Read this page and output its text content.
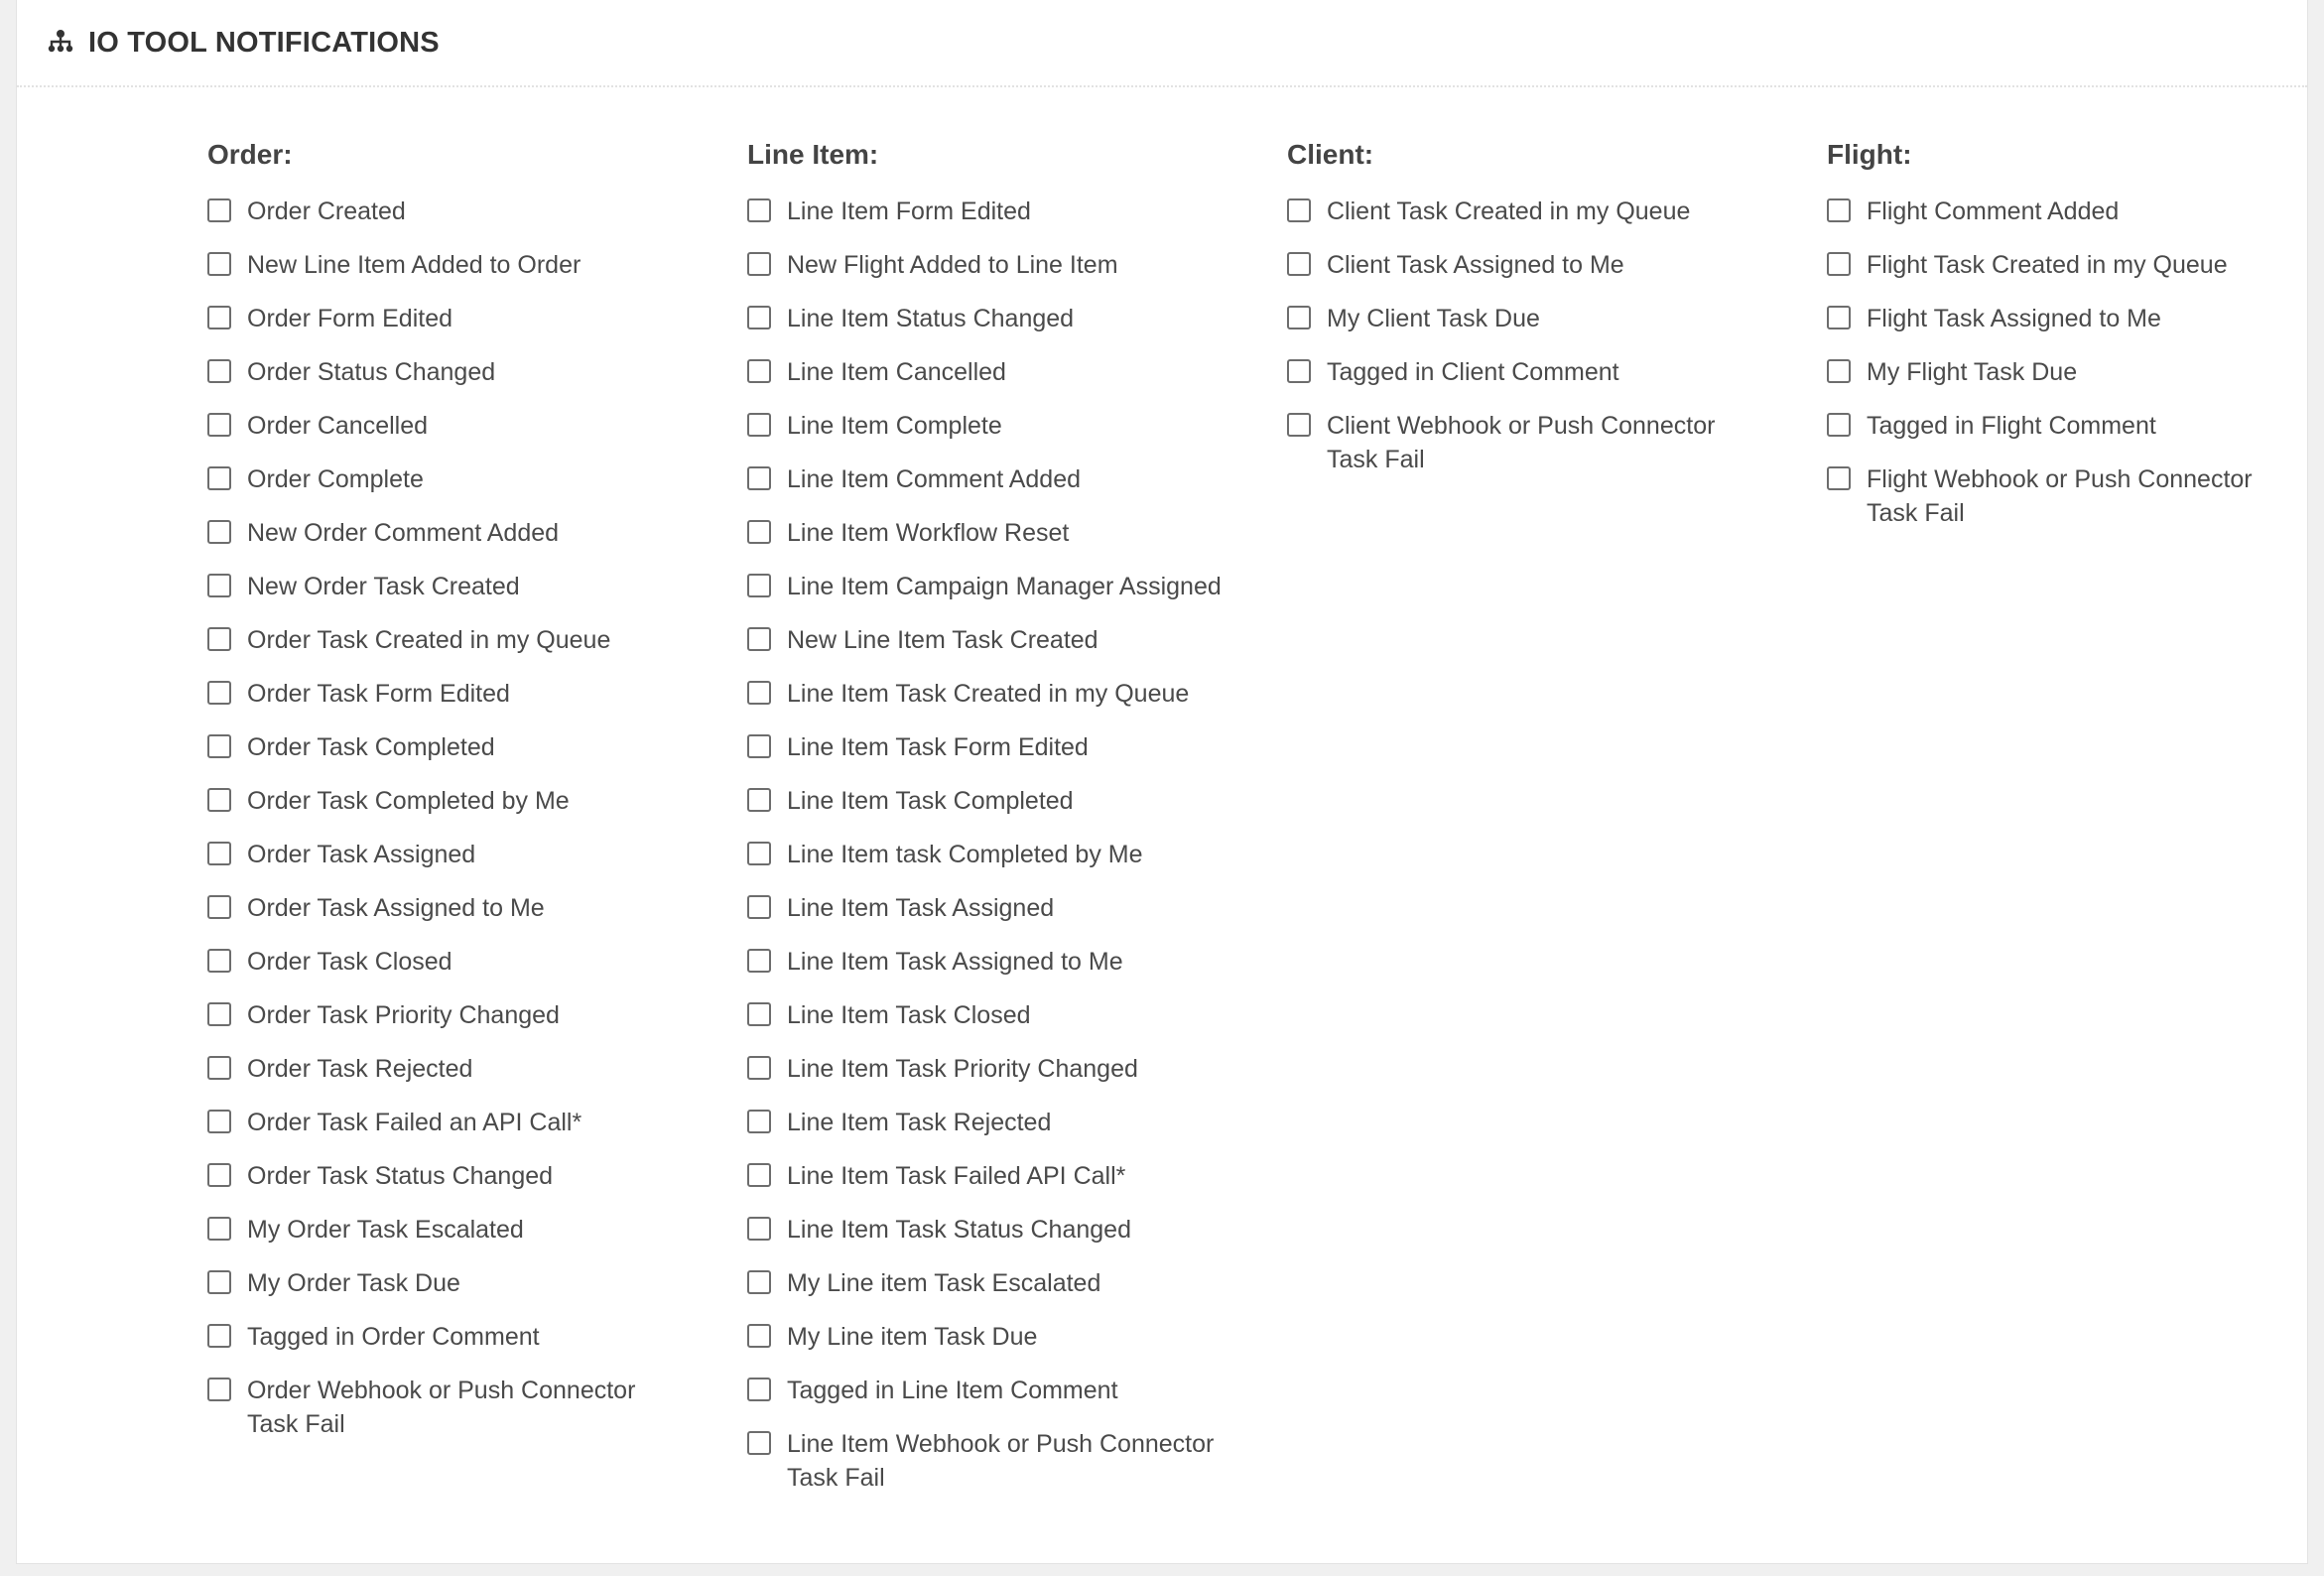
IO TOOL NOTIFICATIONS
Order:
Order Created
New Line Item Added to Order
Order Form Edited
Order Status Changed
Order Cancelled
Order Complete
New Order Comment Added
New Order Task Created
Order Task Created in my Queue
Order Task Form Edited
Order Task Completed
Order Task Completed by Me
Order Task Assigned
Order Task Assigned to Me
Order Task Closed
Order Task Priority Changed
Order Task Rejected
Order Task Failed an API Call*
Order Task Status Changed
My Order Task Escalated
My Order Task Due
Tagged in Order Comment
Order Webhook or Push Connector Task Fail
Line Item:
Line Item Form Edited
New Flight Added to Line Item
Line Item Status Changed
Line Item Cancelled
Line Item Complete
Line Item Comment Added
Line Item Workflow Reset
Line Item Campaign Manager Assigned
New Line Item Task Created
Line Item Task Created in my Queue
Line Item Task Form Edited
Line Item Task Completed
Line Item task Completed by Me
Line Item Task Assigned
Line Item Task Assigned to Me
Line Item Task Closed
Line Item Task Priority Changed
Line Item Task Rejected
Line Item Task Failed API Call*
Line Item Task Status Changed
My Line item Task Escalated
My Line item Task Due
Tagged in Line Item Comment
Line Item Webhook or Push Connector Task Fail
Client:
Client Task Created in my Queue
Client Task Assigned to Me
My Client Task Due
Tagged in Client Comment
Client Webhook or Push Connector Task Fail
Flight:
Flight Comment Added
Flight Task Created in my Queue
Flight Task Assigned to Me
My Flight Task Due
Tagged in Flight Comment
Flight Webhook or Push Connector Task Fail
